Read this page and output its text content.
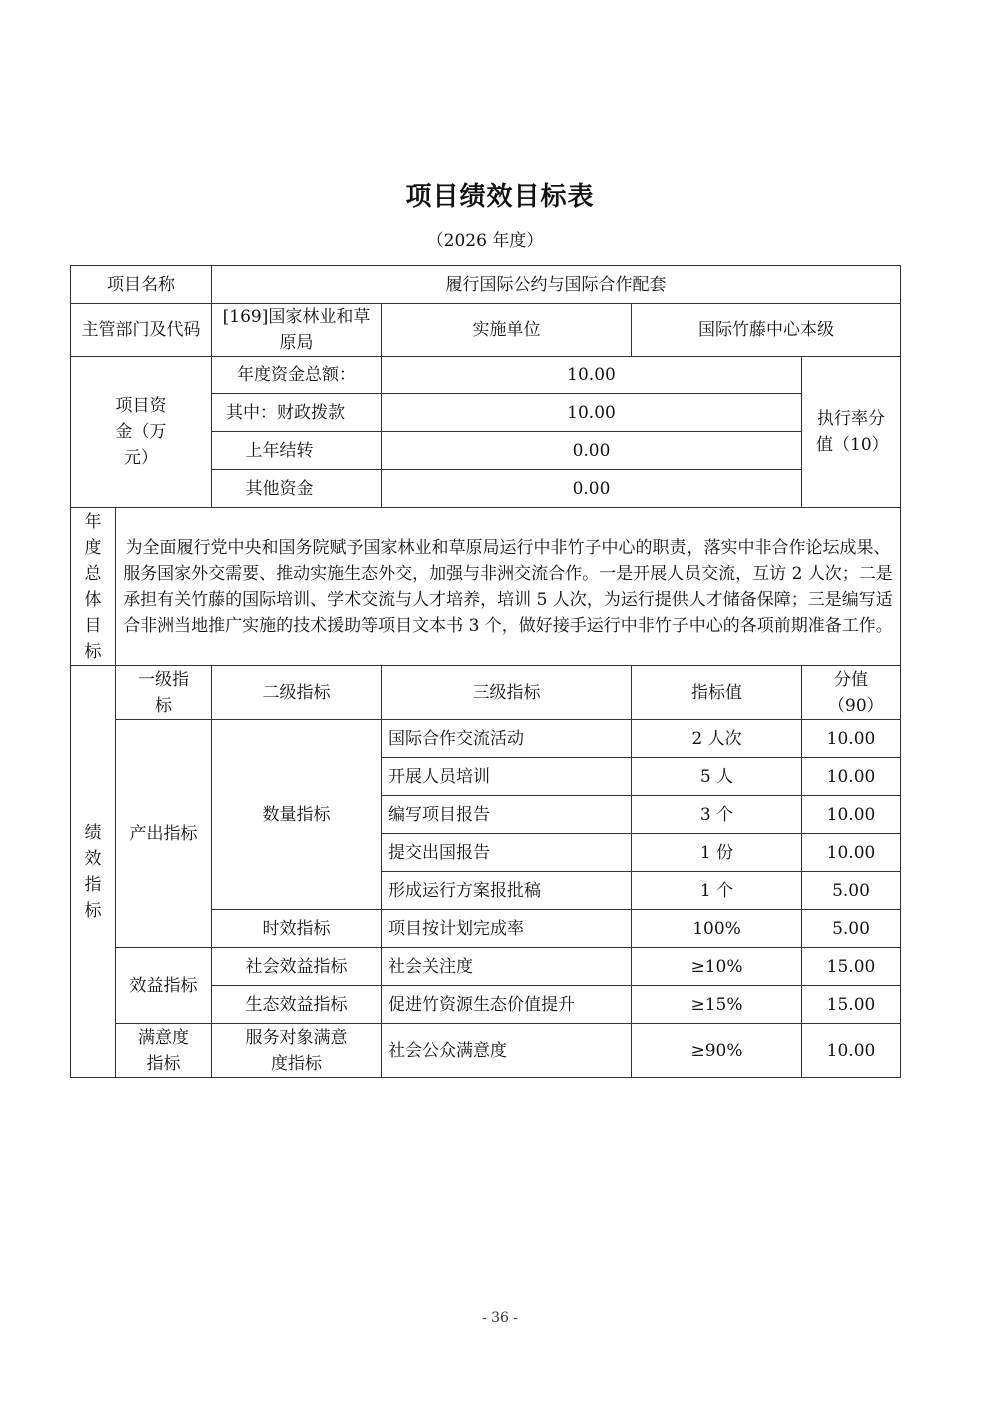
项目绩效目标表
（2026 年度）
项目名称		履行国际公约与国际合作配套			
主管部门及代码		[169]国家林业和草原局	实施单位	国际竹藤中心本级	
项目资金（万元）		年度资金总额：	10.00		执行率分值（10）
		其中：财政拨款	10.00		
		上年结转	0.00		
		其他资金	0.00		
年度总体目标	为全面履行党中央和国务院赋予国家林业和草原局运行中非竹子中心的职责，落实中非合作论坛成果、服务国家外交需要、推动实施生态外交，加强与非洲交流合作。一是开展人员交流，互访 2 人次；二是承担有关竹藤的国际培训、学术交流与人才培养，培训 5 人次，为运行提供人才储备保障；三是编写适合非洲当地推广实施的技术援助等项目文本书 3 个，做好接手运行中非竹子中心的各项前期准备工作。				
绩效指标	一级指标	二级指标	三级指标	指标值	分值（90）
	产出指标	数量指标	国际合作交流活动	2 人次	10.00
			开展人员培训	5 人	10.00
			编写项目报告	3 个	10.00
			提交出国报告	1 份	10.00
			形成运行方案报批稿	1 个	5.00
		时效指标	项目按计划完成率	100%	5.00
	效益指标	社会效益指标	社会关注度	≥10%	15.00
		生态效益指标	促进竹资源生态价值提升	≥15%	15.00
	满意度指标	服务对象满意度指标	社会公众满意度	≥90%	10.00
- 36 -
